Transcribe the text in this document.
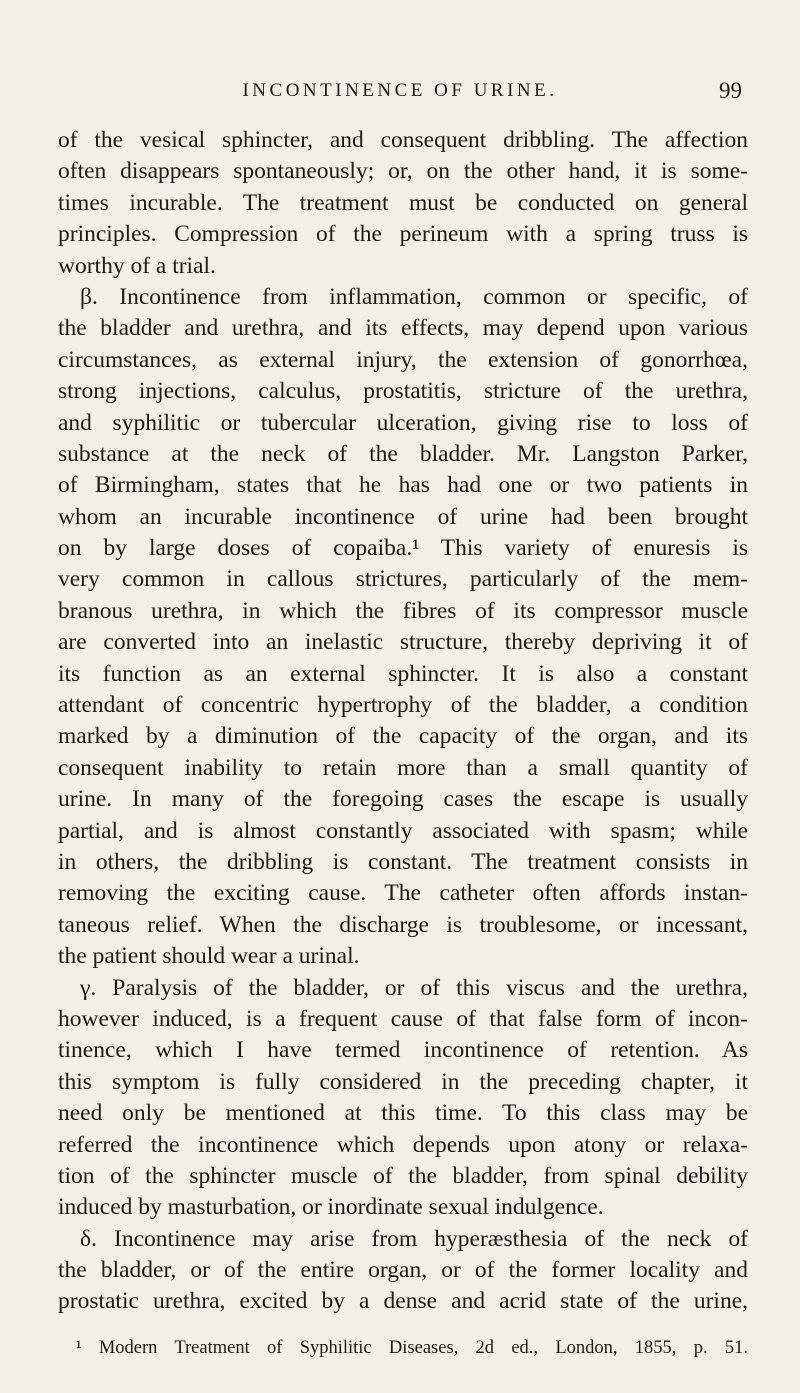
INCONTINENCE OF URINE.	99
of the vesical sphincter, and consequent dribbling. The affection
often disappears spontaneously; or, on the other hand, it is some-
times incurable. The treatment must be conducted on general
principles. Compression of the perineum with a spring truss is
worthy of a trial.
β. Incontinence from inflammation, common or specific, of
the bladder and urethra, and its effects, may depend upon various
circumstances, as external injury, the extension of gonorrhœa,
strong injections, calculus, prostatitis, stricture of the urethra,
and syphilitic or tubercular ulceration, giving rise to loss of
substance at the neck of the bladder. Mr. Langston Parker,
of Birmingham, states that he has had one or two patients in
whom an incurable incontinence of urine had been brought
on by large doses of copaiba.¹ This variety of enuresis is
very common in callous strictures, particularly of the mem-
branous urethra, in which the fibres of its compressor muscle
are converted into an inelastic structure, thereby depriving it of
its function as an external sphincter. It is also a constant
attendant of concentric hypertrophy of the bladder, a condition
marked by a diminution of the capacity of the organ, and its
consequent inability to retain more than a small quantity of
urine. In many of the foregoing cases the escape is usually
partial, and is almost constantly associated with spasm; while
in others, the dribbling is constant. The treatment consists in
removing the exciting cause. The catheter often affords instan-
taneous relief. When the discharge is troublesome, or incessant,
the patient should wear a urinal.
γ. Paralysis of the bladder, or of this viscus and the urethra,
however induced, is a frequent cause of that false form of incon-
tinence, which I have termed incontinence of retention. As
this symptom is fully considered in the preceding chapter, it
need only be mentioned at this time. To this class may be
referred the incontinence which depends upon atony or relaxa-
tion of the sphincter muscle of the bladder, from spinal debility
induced by masturbation, or inordinate sexual indulgence.
δ. Incontinence may arise from hyperæsthesia of the neck of
the bladder, or of the entire organ, or of the former locality and
prostatic urethra, excited by a dense and acrid state of the urine,
¹ Modern Treatment of Syphilitic Diseases, 2d ed., London, 1855, p. 51.
